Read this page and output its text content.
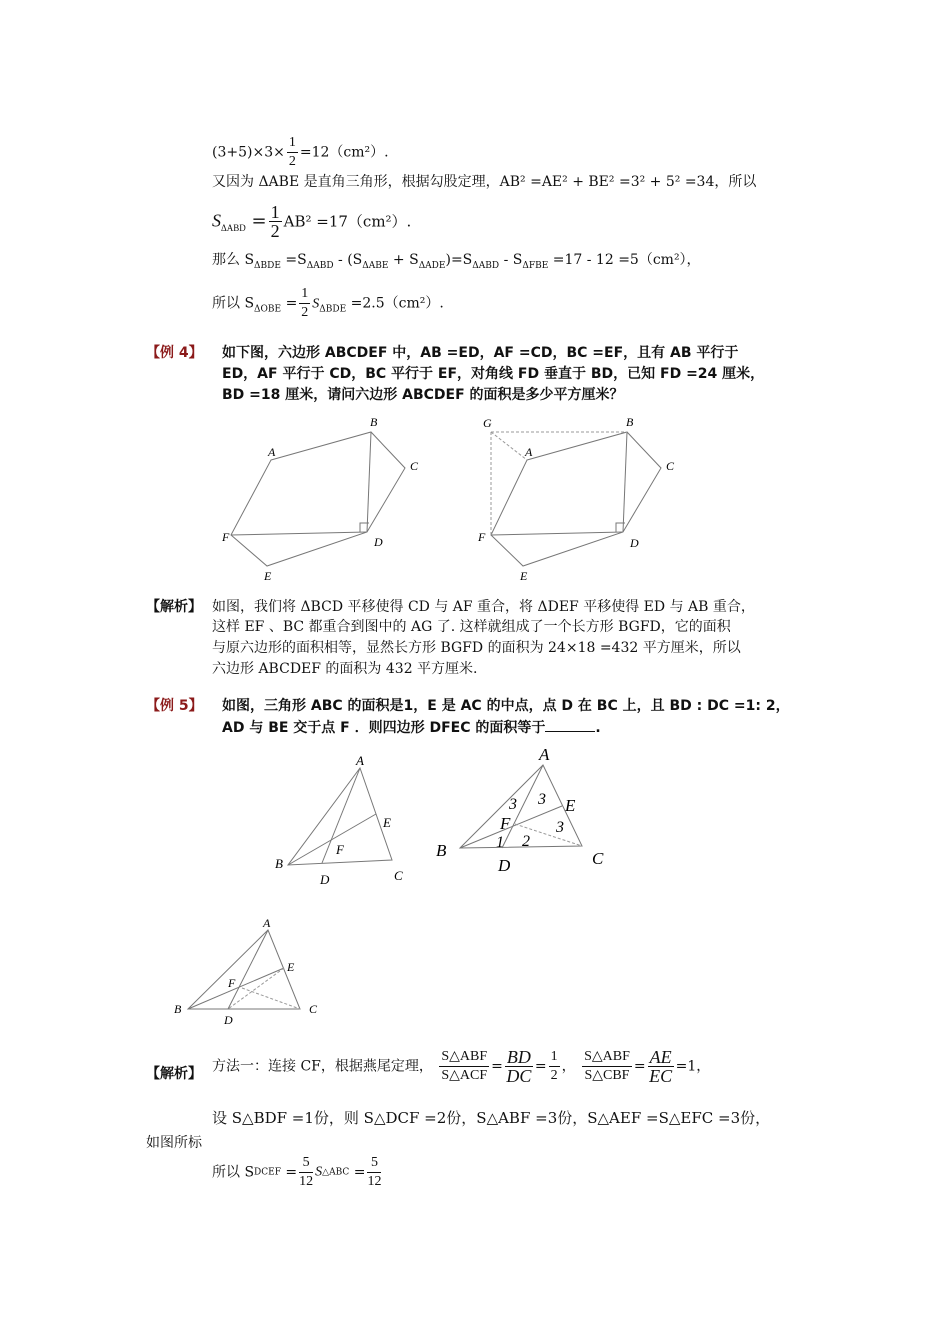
$(3+5)\times 3\times \frac{1}{2} =12(cm^2)$.
又因为 ΔABE 是直角三角形，根据勾股定理，AB² =AE² + BE² =3² + 5² =34，所以
$S_{\Delta ABD} = \frac{1}{2} AB^2 =17(cm^2)$.
那么 $S_{\Delta BDE} =S_{\Delta ABD} - (S_{\Delta ABE} + S_{\Delta ADE})=S_{\Delta ABD} - S_{\Delta FBE} =17 - 12 =5(cm^2)$，
所以 $S_{\Delta OBE} = \frac{1}{2} S_{\Delta BDE} =2.5(cm^2)$.
【例 4】 如下图，六边形 ABCDEF 中，AB =ED，AF =CD，BC =EF，且有 AB 平行于
ED，AF 平行于 CD，BC 平行于 EF，对角线 FD 垂直于 BD，已知 FD =24 厘米，
BD =18 厘米，请问六边形 ABCDEF 的面积是多少平方厘米？
A
B
C
D
E
F
G
A
B
C
D
E
F
【解析】 如图，我们将 ΔBCD 平移使得 CD 与 AF 重合，将 ΔDEF 平移使得 ED 与 AB 重合，
这样 EF 、BC 都重合到图中的 AG 了. 这样就组成了一个长方形 BGFD，它的面积
与原六边形的面积相等，显然长方形 BGFD 的面积为 24×18 =432 平方厘米，所以
六边形 ABCDEF 的面积为 432 平方厘米.
【例 5】 如图，三角形 ABC 的面积是1，E 是 AC 的中点，点 D 在 BC 上，且 BD : DC =1: 2，
AD 与 BE 交于点 F ．则四边形 DFEC 的面积等于	.
A
B
C
D
E
F
A
B	C
D
E
F
3 3
3
1 2
A
B	C
D
E
F
【解析】 方法一：连接 CF，根据燕尾定理， $\frac{\text{S△ABF}}{\text{S△ACF}} = \frac{BD}{DC} = \frac{1}{2}$ ， $\frac{\text{S△ABF}}{\text{S△CBF}} = \frac{AE}{EC} =1$，
设 S△BDF =1份，则 S△DCF =2份，S△ABF =3份，S△AEF =S△EFC =3份，
如图所标
所以 SDCEF = $\frac{5}{12}$ S△ABC = $\frac{5}{12}$
